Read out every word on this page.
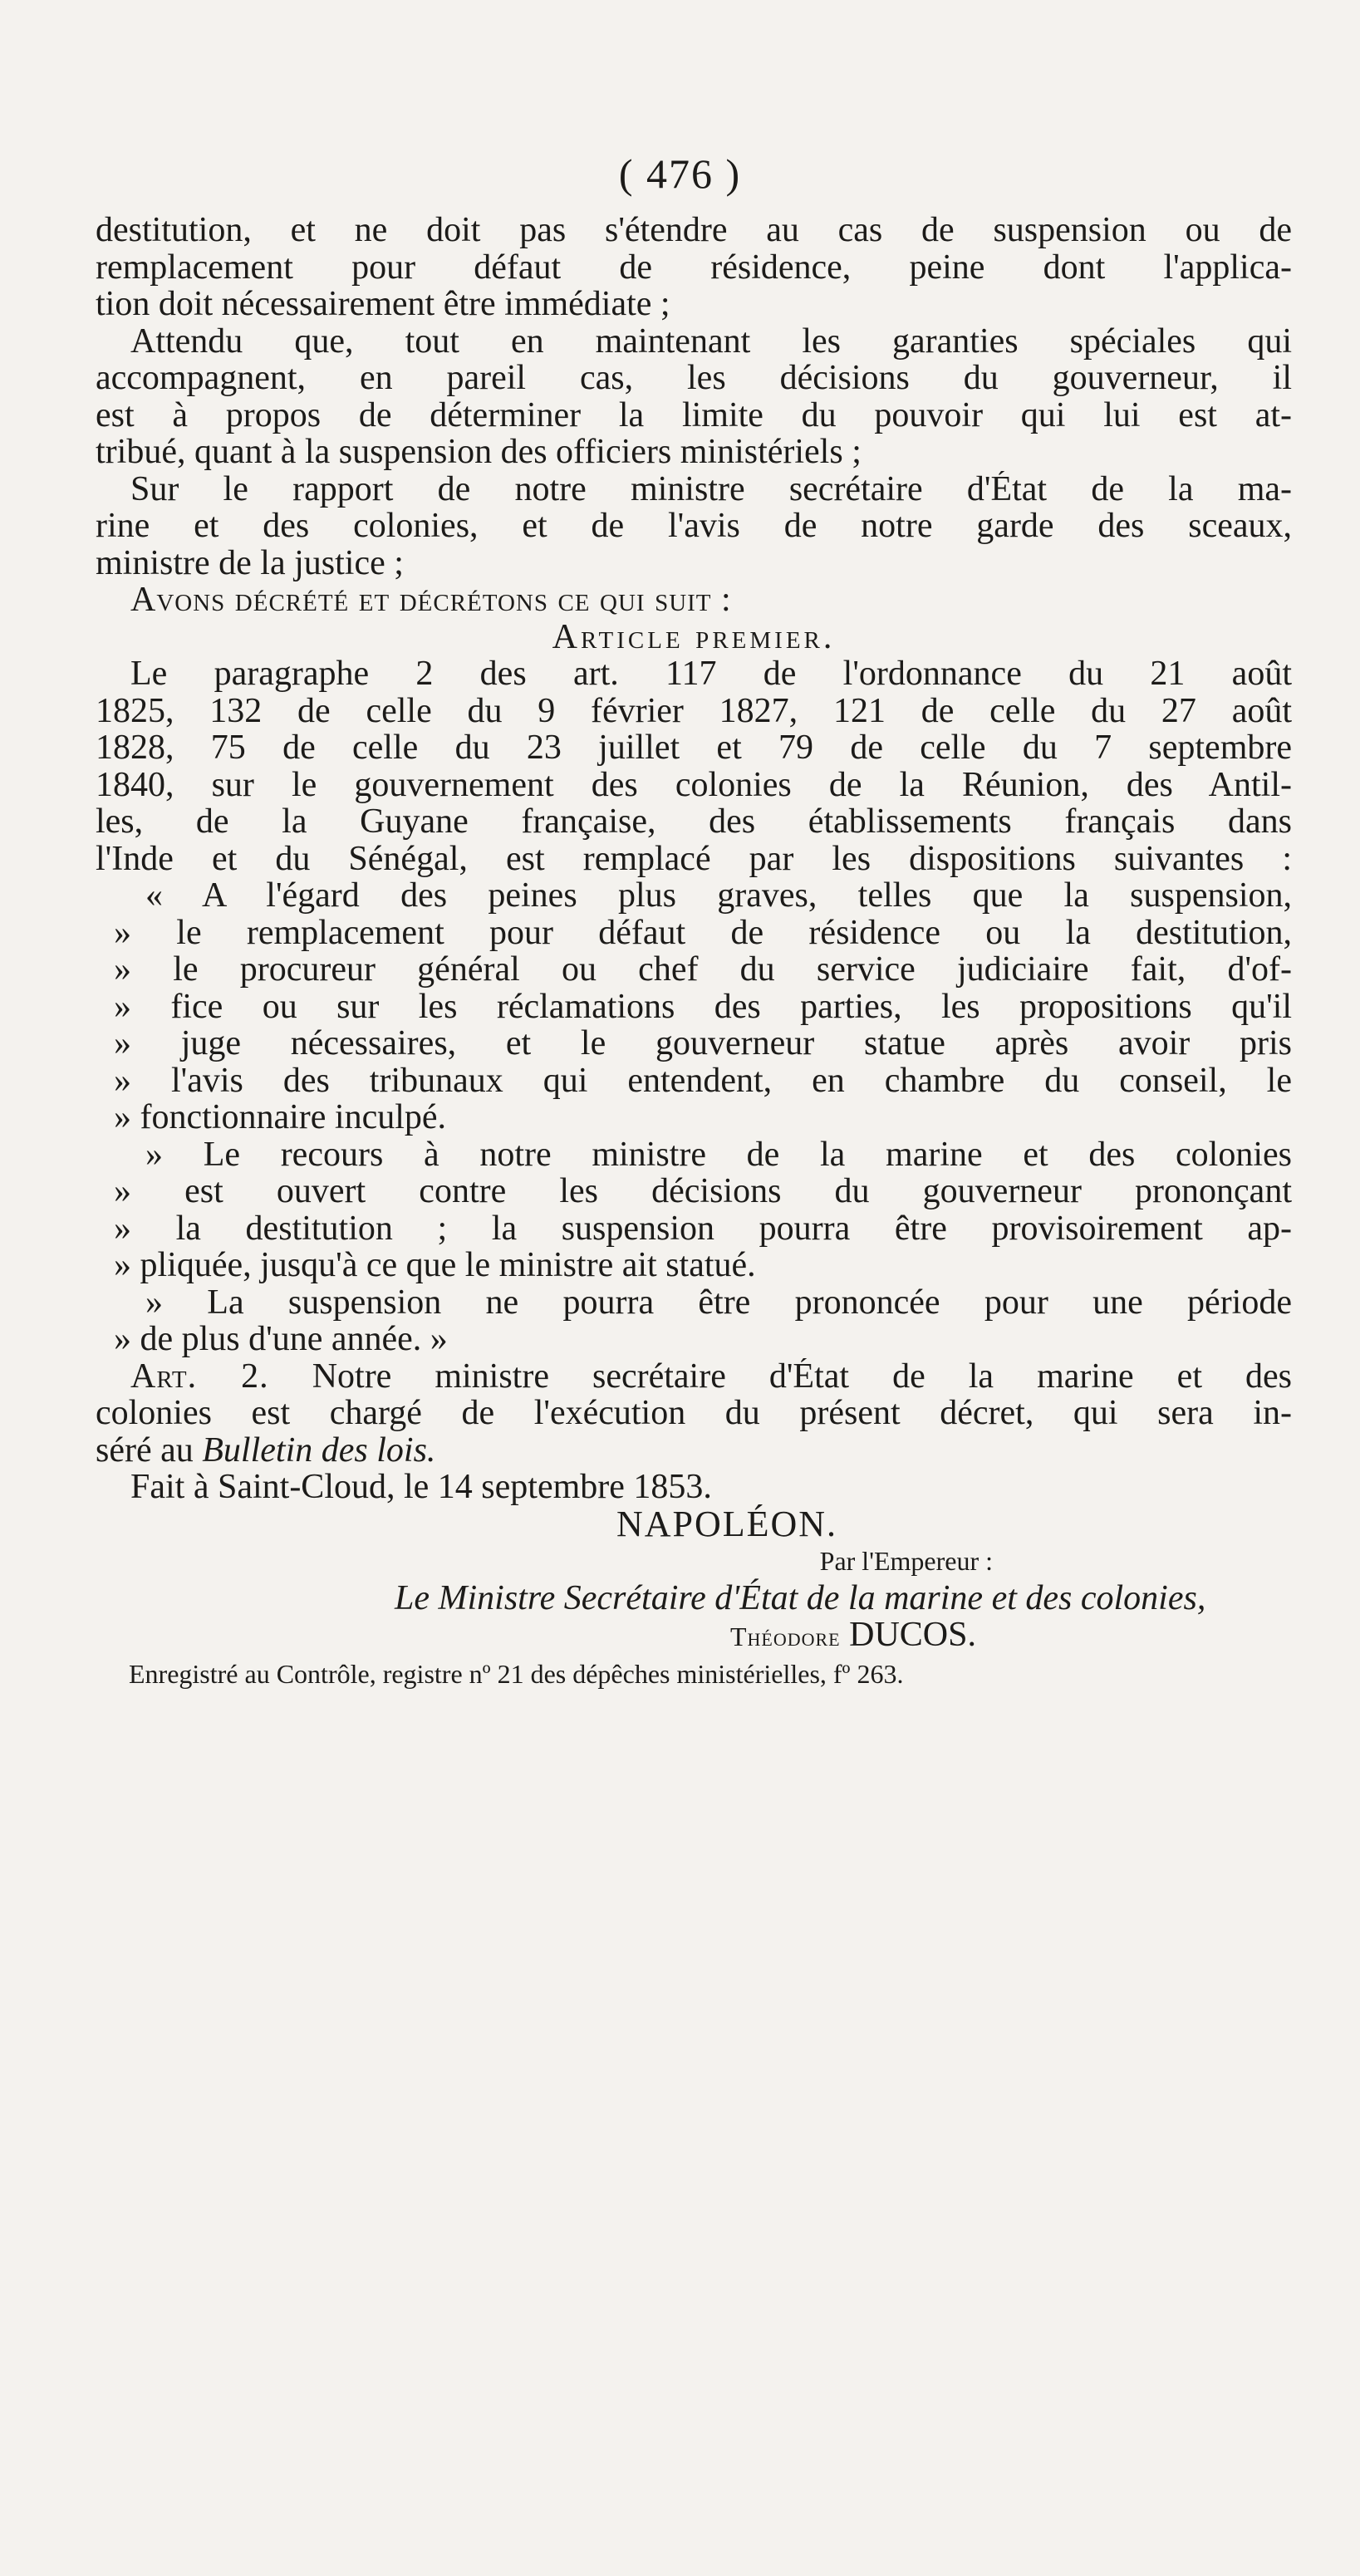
( 476 )
destitution, et ne doit pas s'étendre au cas de suspension ou de
remplacement pour défaut de résidence, peine dont l'applica-
tion doit nécessairement être immédiate ;
Attendu que, tout en maintenant les garanties spéciales qui
accompagnent, en pareil cas, les décisions du gouverneur, il
est à propos de déterminer la limite du pouvoir qui lui est at-
tribué, quant à la suspension des officiers ministériels ;
Sur le rapport de notre ministre secrétaire d'État de la ma-
rine et des colonies, et de l'avis de notre garde des sceaux,
ministre de la justice ;
Avons décrété et décrétons ce qui suit :
Article premier.
Le paragraphe 2 des art. 117 de l'ordonnance du 21 août
1825, 132 de celle du 9 février 1827, 121 de celle du 27 août
1828, 75 de celle du 23 juillet et 79 de celle du 7 septembre
1840, sur le gouvernement des colonies de la Réunion, des Antil-
les, de la Guyane française, des établissements français dans
l'Inde et du Sénégal, est remplacé par les dispositions suivantes :
« A l'égard des peines plus graves, telles que la suspension,
» le remplacement pour défaut de résidence ou la destitution,
» le procureur général ou chef du service judiciaire fait, d'of-
» fice ou sur les réclamations des parties, les propositions qu'il
» juge nécessaires, et le gouverneur statue après avoir pris
» l'avis des tribunaux qui entendent, en chambre du conseil, le
» fonctionnaire inculpé.
» Le recours à notre ministre de la marine et des colonies
» est ouvert contre les décisions du gouverneur prononçant
» la destitution ; la suspension pourra être provisoirement ap-
» pliquée, jusqu'à ce que le ministre ait statué.
» La suspension ne pourra être prononcée pour une période
» de plus d'une année. »
Art. 2. Notre ministre secrétaire d'État de la marine et des
colonies est chargé de l'exécution du présent décret, qui sera in-
séré au Bulletin des lois.
Fait à Saint-Cloud, le 14 septembre 1853.
NAPOLÉON.
Par l'Empereur :
Le Ministre Secrétaire d'État de la marine et des colonies,
Théodore DUCOS.
Enregistré au Contrôle, registre nº 21 des dépêches ministérielles, fº 263.
